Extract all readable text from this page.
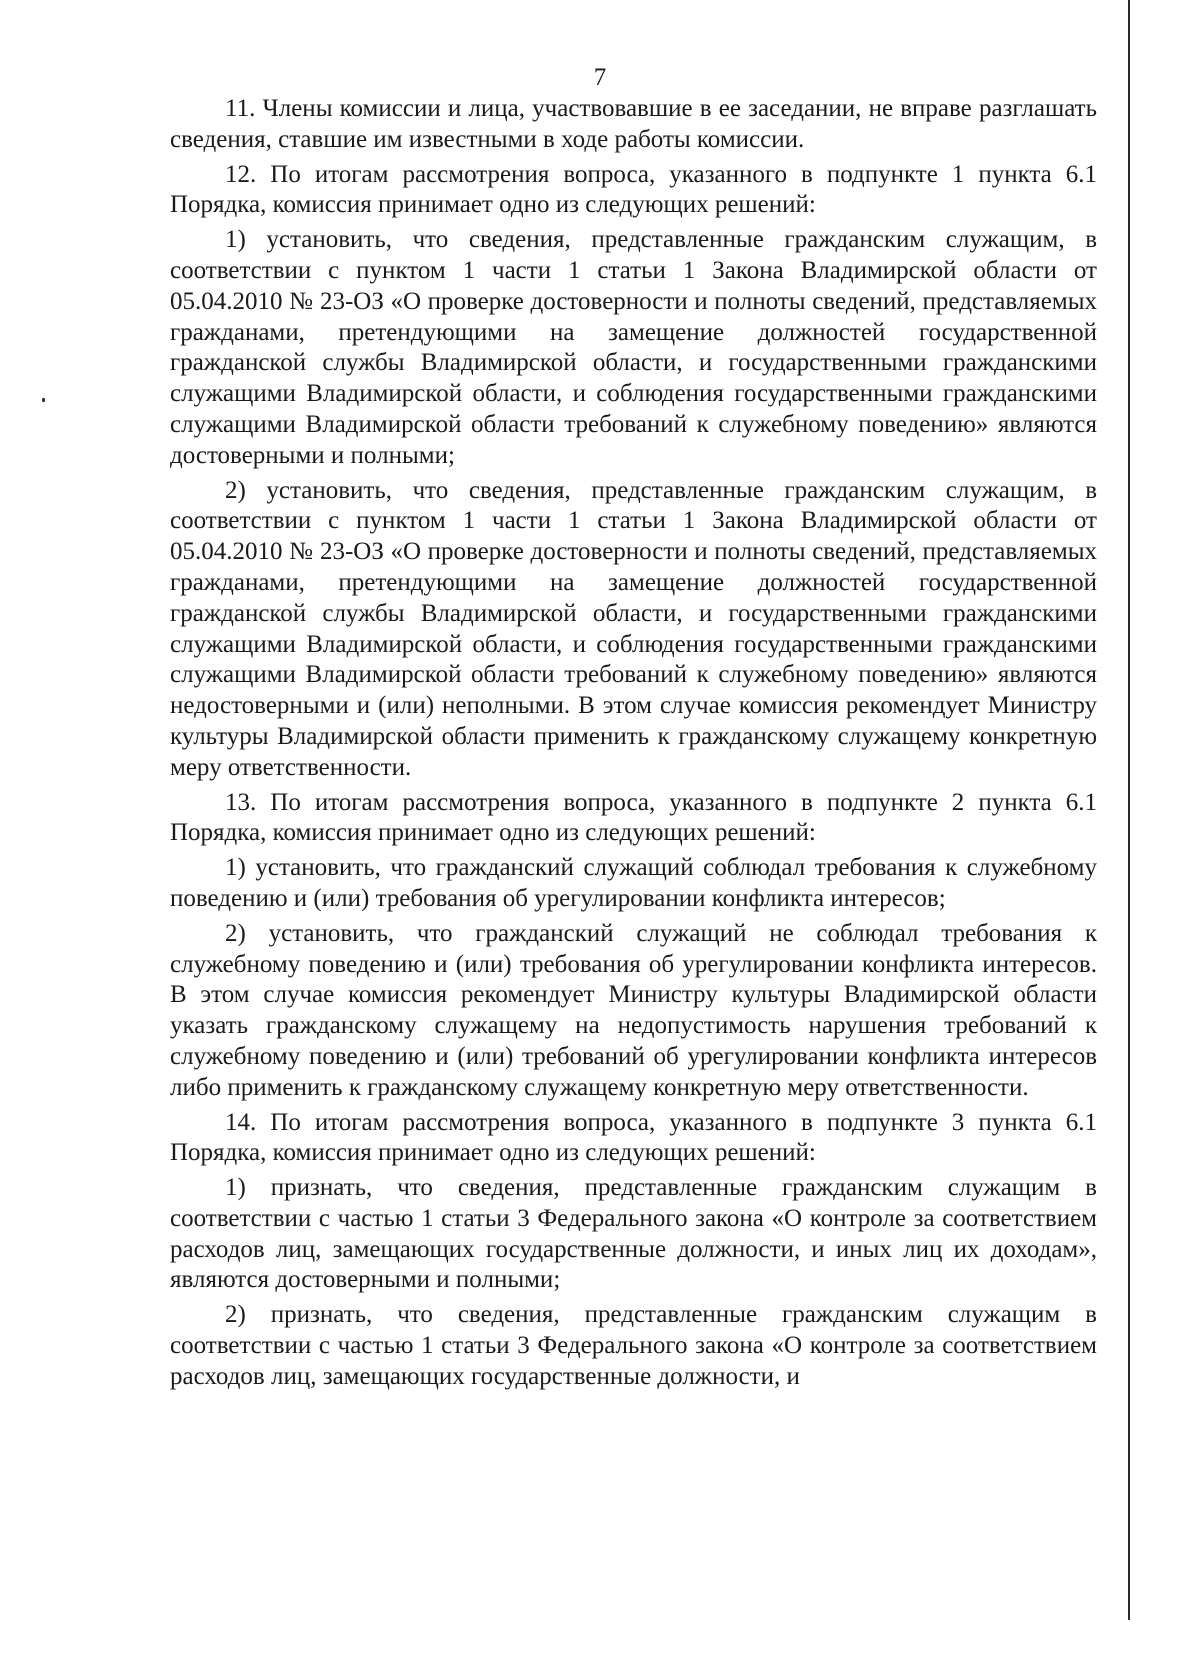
7

11. Члены комиссии и лица, участвовавшие в ее заседании, не вправе разглашать сведения, ставшие им известными в ходе работы комиссии.

12. По итогам рассмотрения вопроса, указанного в подпункте 1 пункта 6.1 Порядка, комиссия принимает одно из следующих решений:

1) установить, что сведения, представленные гражданским служащим, в соответствии с пунктом 1 части 1 статьи 1 Закона Владимирской области от 05.04.2010 № 23-ОЗ «О проверке достоверности и полноты сведений, представляемых гражданами, претендующими на замещение должностей государственной гражданской службы Владимирской области, и государственными гражданскими служащими Владимирской области, и соблюдения государственными гражданскими служащими Владимирской области требований к служебному поведению» являются достоверными и полными;

2) установить, что сведения, представленные гражданским служащим, в соответствии с пунктом 1 части 1 статьи 1 Закона Владимирской области от 05.04.2010 № 23-ОЗ «О проверке достоверности и полноты сведений, представляемых гражданами, претендующими на замещение должностей государственной гражданской службы Владимирской области, и государственными гражданскими служащими Владимирской области, и соблюдения государственными гражданскими служащими Владимирской области требований к служебному поведению» являются недостоверными и (или) неполными. В этом случае комиссия рекомендует Министру культуры Владимирской области применить к гражданскому служащему конкретную меру ответственности.

13. По итогам рассмотрения вопроса, указанного в подпункте 2 пункта 6.1 Порядка, комиссия принимает одно из следующих решений:

1) установить, что гражданский служащий соблюдал требования к служебному поведению и (или) требования об урегулировании конфликта интересов;

2) установить, что гражданский служащий не соблюдал требования к служебному поведению и (или) требования об урегулировании конфликта интересов. В этом случае комиссия рекомендует Министру культуры Владимирской области указать гражданскому служащему на недопустимость нарушения требований к служебному поведению и (или) требований об урегулировании конфликта интересов либо применить к гражданскому служащему конкретную меру ответственности.

14. По итогам рассмотрения вопроса, указанного в подпункте 3 пункта 6.1 Порядка, комиссия принимает одно из следующих решений:

1) признать, что сведения, представленные гражданским служащим в соответствии с частью 1 статьи 3 Федерального закона «О контроле за соответствием расходов лиц, замещающих государственные должности, и иных лиц их доходам», являются достоверными и полными;

2) признать, что сведения, представленные гражданским служащим в соответствии с частью 1 статьи 3 Федерального закона «О контроле за соответствием расходов лиц, замещающих государственные должности, и
